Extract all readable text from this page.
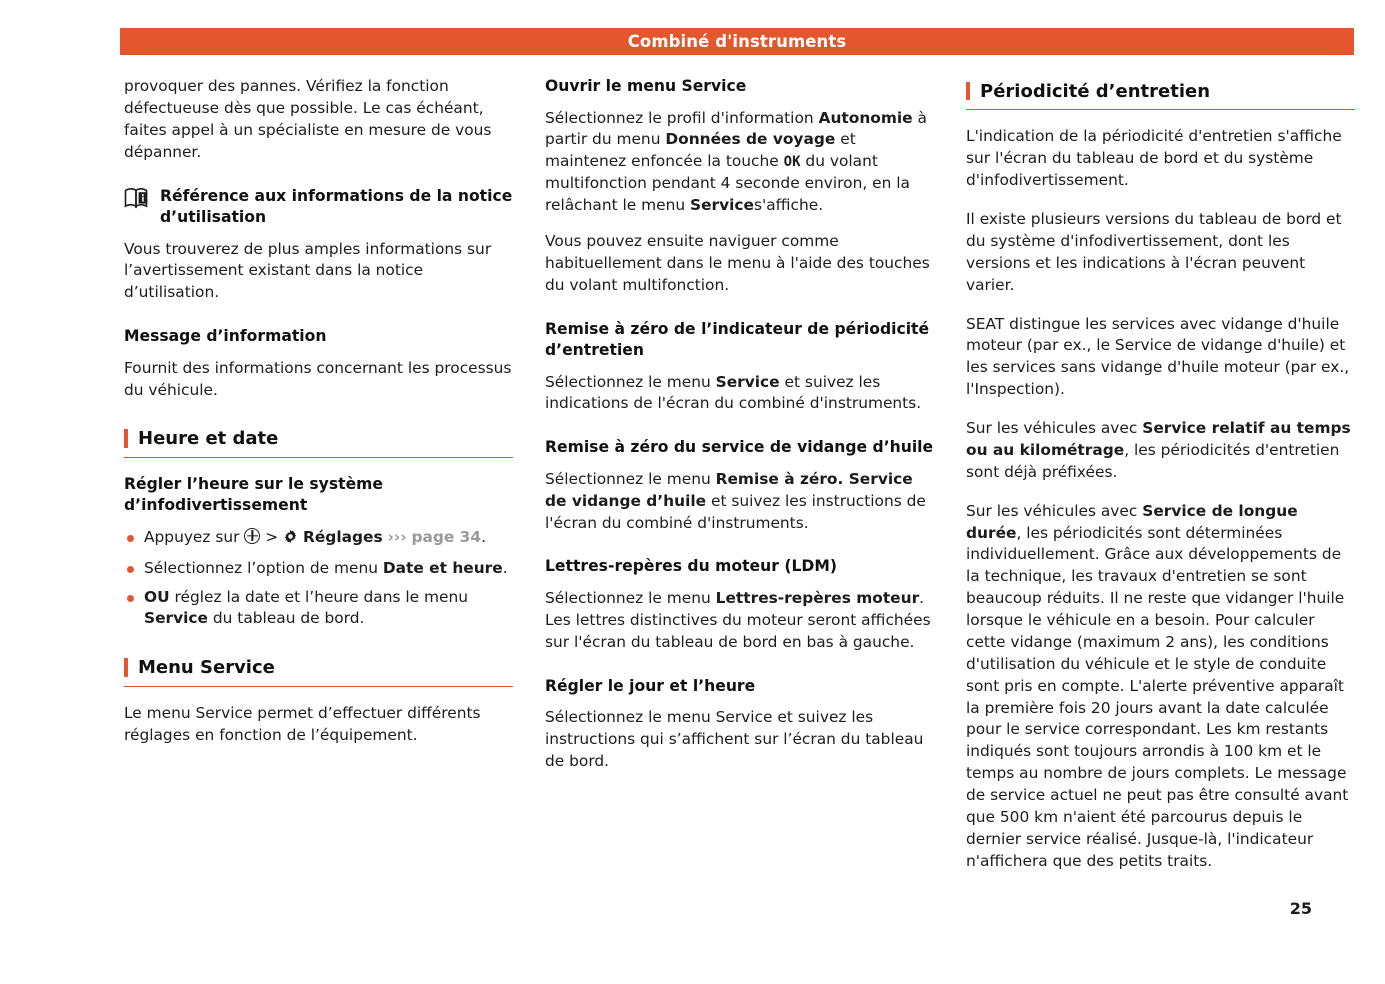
Combiné d'instruments

provoquer des pannes. Vérifiez la fonction défectueuse dès que possible. Le cas échéant, faites appel à un spécialiste en mesure de vous dépanner.

Référence aux informations de la notice d’utilisation

Vous trouverez de plus amples informations sur l’avertissement existant dans la notice d’utilisation.

Message d’information

Fournit des informations concernant les processus du véhicule.

Heure et date
Régler l’heure sur le système d’infodivertissement
Appuyez sur > Réglages ››› page 34.
Sélectionnez l’option de menu Date et heure.
OU réglez la date et l’heure dans le menu Service du tableau de bord.
Menu Service

Le menu Service permet d’effectuer différents réglages en fonction de l’équipement.

Ouvrir le menu Service

Sélectionnez le profil d'information Autonomie à partir du menu Données de voyage et maintenez enfoncée la touche OK du volant multifonction pendant 4 seconde environ, en la relâchant le menu Services'affiche.

Vous pouvez ensuite naviguer comme habituellement dans le menu à l'aide des touches du volant multifonction.

Remise à zéro de l’indicateur de périodicité d’entretien

Sélectionnez le menu Service et suivez les indications de l'écran du combiné d'instruments.

Remise à zéro du service de vidange d’huile

Sélectionnez le menu Remise à zéro. Service de vidange d’huile et suivez les instructions de l'écran du combiné d'instruments.

Lettres-repères du moteur (LDM)

Sélectionnez le menu Lettres-repères moteur. Les lettres distinctives du moteur seront affichées sur l'écran du tableau de bord en bas à gauche.

Régler le jour et l’heure

Sélectionnez le menu Service et suivez les instructions qui s’affichent sur l’écran du tableau de bord.

Périodicité d’entretien

L'indication de la périodicité d'entretien s'affiche sur l'écran du tableau de bord et du système d'infodivertissement.

Il existe plusieurs versions du tableau de bord et du système d'infodivertissement, dont les versions et les indications à l'écran peuvent varier.

SEAT distingue les services avec vidange d'huile moteur (par ex., le Service de vidange d'huile) et les services sans vidange d'huile moteur (par ex., l'Inspection).

Sur les véhicules avec Service relatif au temps ou au kilométrage, les périodicités d'entretien sont déjà préfixées.

Sur les véhicules avec Service de longue durée, les périodicités sont déterminées individuellement. Grâce aux développements de la technique, les travaux d'entretien se sont beaucoup réduits. Il ne reste que vidanger l'huile lorsque le véhicule en a besoin. Pour calculer cette vidange (maximum 2 ans), les conditions d'utilisation du véhicule et le style de conduite sont pris en compte. L'alerte préventive apparaît la première fois 20 jours avant la date calculée pour le service correspondant. Les km restants indiqués sont toujours arrondis à 100 km et le temps au nombre de jours complets. Le message de service actuel ne peut pas être consulté avant que 500 km n'aient été parcourus depuis le dernier service réalisé. Jusque-là, l'indicateur n'affichera que des petits traits.

25
